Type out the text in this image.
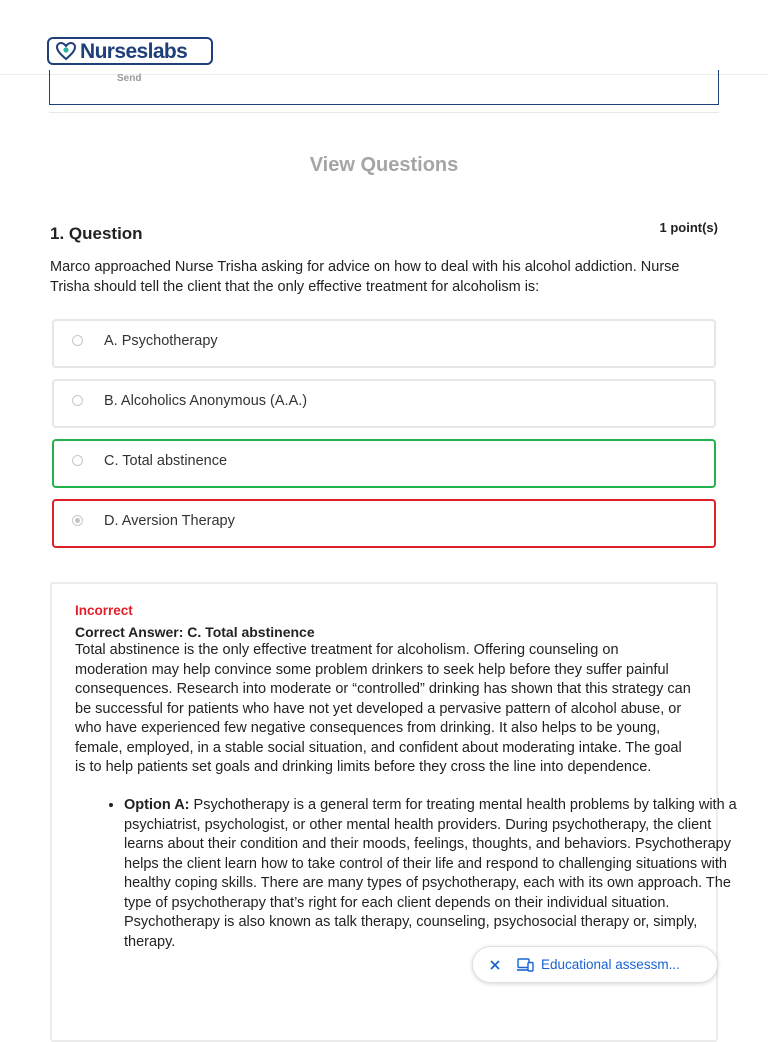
Nurseslabs
Send
View Questions
1. Question	1 point(s)
Marco approached Nurse Trisha asking for advice on how to deal with his alcohol addiction. Nurse Trisha should tell the client that the only effective treatment for alcoholism is:
A. Psychotherapy
B. Alcoholics Anonymous (A.A.)
C. Total abstinence
D. Aversion Therapy
Incorrect
Correct Answer: C. Total abstinence
Total abstinence is the only effective treatment for alcoholism. Offering counseling on moderation may help convince some problem drinkers to seek help before they suffer painful consequences. Research into moderate or “controlled” drinking has shown that this strategy can be successful for patients who have not yet developed a pervasive pattern of alcohol abuse, or who have experienced few negative consequences from drinking. It also helps to be young, female, employed, in a stable social situation, and confident about moderating intake. The goal is to help patients set goals and drinking limits before they cross the line into dependence.
• Option A: Psychotherapy is a general term for treating mental health problems by talking with a psychiatrist, psychologist, or other mental health providers. During psychotherapy, the client learns about their condition and their moods, feelings, thoughts, and behaviors. Psychotherapy helps the client learn how to take control of their life and respond to challenging situations with healthy coping skills. There are many types of psychotherapy, each with its own approach. The type of psychotherapy that’s right for each client depends on their individual situation. Psychotherapy is also known as talk therapy, counseling, psychosocial therapy or, simply, therapy.
Educational assessm...
